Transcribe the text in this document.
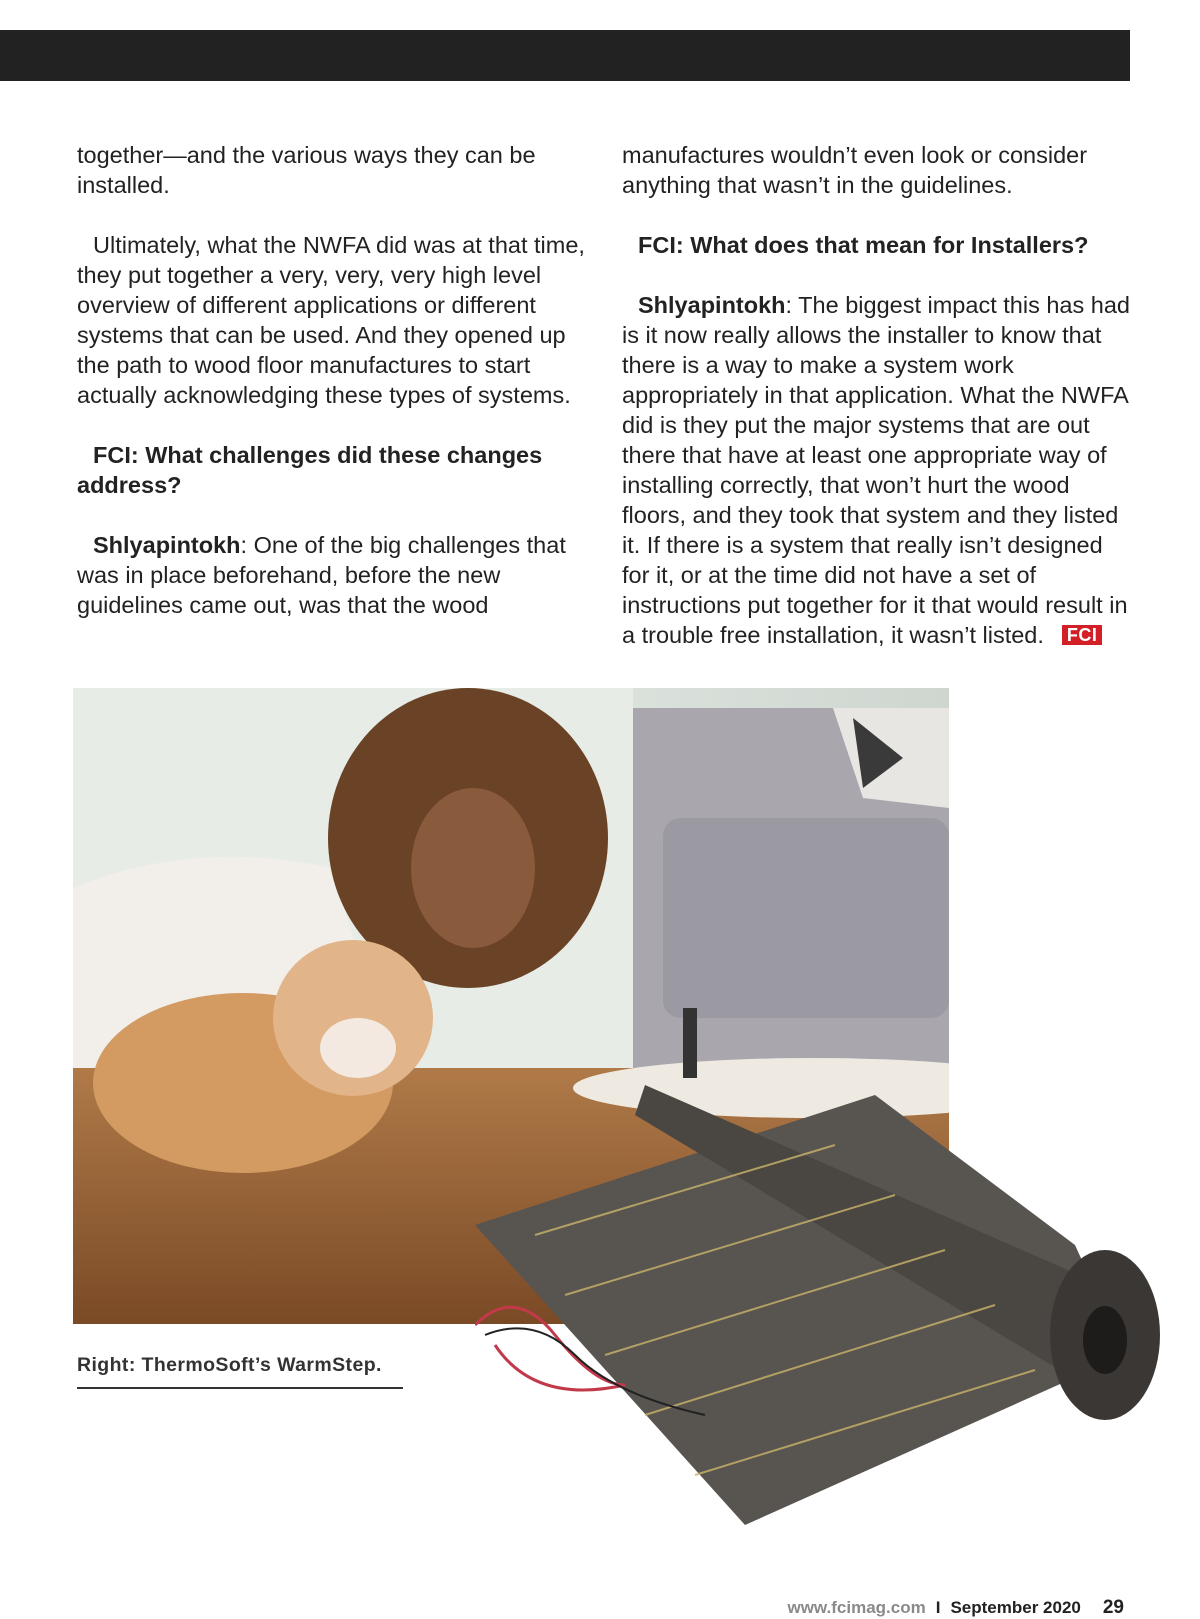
together—and the various ways they can be installed.

Ultimately, what the NWFA did was at that time, they put together a very, very, very high level overview of different applications or different systems that can be used. And they opened up the path to wood floor manufactures to start actually acknowledging these types of systems.

FCI: What challenges did these changes address?

Shlyapintokh: One of the big challenges that was in place beforehand, before the new guidelines came out, was that the wood

manufactures wouldn’t even look or consider anything that wasn’t in the guidelines.

FCI: What does that mean for Installers?

Shlyapintokh: The biggest impact this has had is it now really allows the installer to know that there is a way to make a system work appropriately in that application. What the NWFA did is they put the major systems that are out there that have at least one appropriate way of installing correctly, that won’t hurt the wood floors, and they took that system and they listed it. If there is a system that really isn’t designed for it, or at the time did not have a set of instructions put together for it that would result in a trouble free installation, it wasn’t listed. FCI

Right: ThermoSoft’s WarmStep.
www.fcimag.com I September 2020 29
